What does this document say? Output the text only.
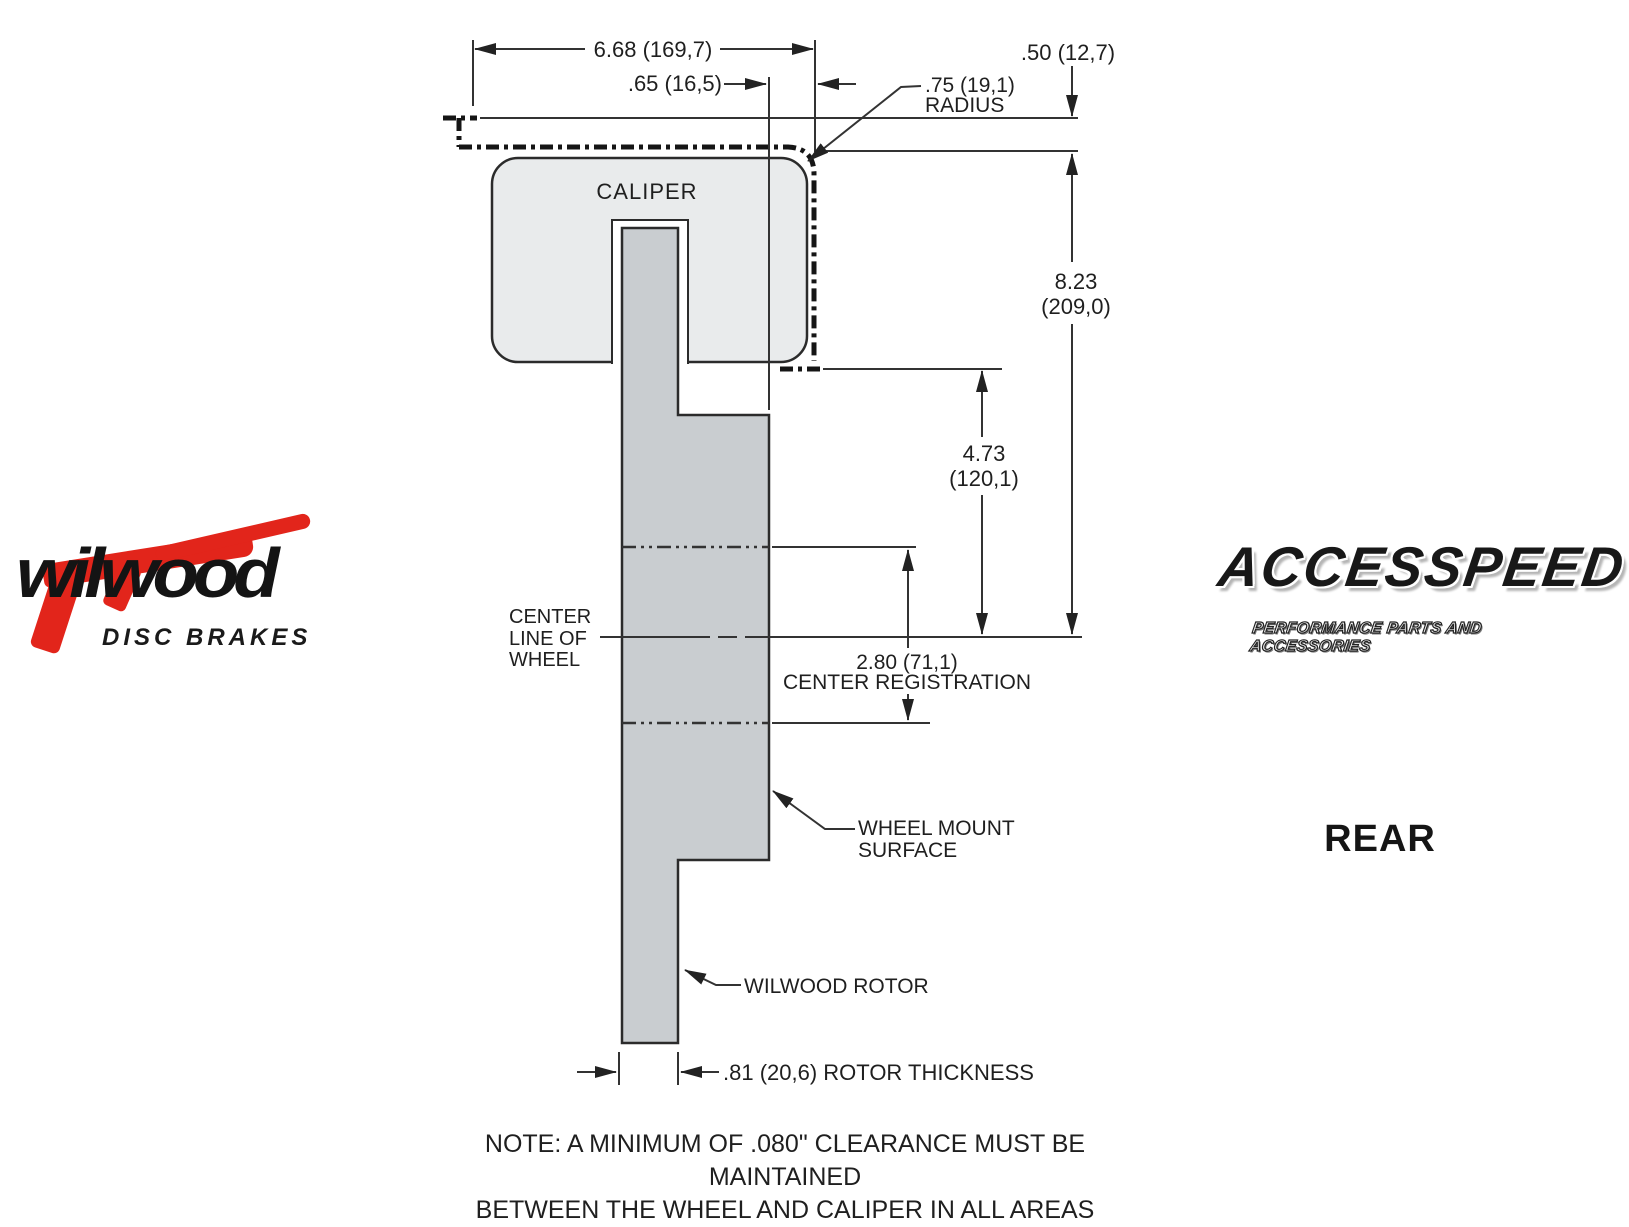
6.68 (169,7)
.65 (16,5)
.50 (12,7)
.75 (19,1)
RADIUS
CALIPER
8.23
(209,0)
4.73
(120,1)
CENTER
LINE OF
WHEEL	2.80 (71,1)
CENTER REGISTRATION
WHEEL MOUNT
SURFACE
WILWOOD ROTOR
.81 (20,6) ROTOR THICKNESS
NOTE: A MINIMUM OF .080" CLEARANCE MUST BE MAINTAINED
BETWEEN THE WHEEL AND CALIPER IN ALL AREAS
REAR
wilwood
DISC BRAKES
ACCESSPEED
PERFORMANCE PARTS AND ACCESSORIES
